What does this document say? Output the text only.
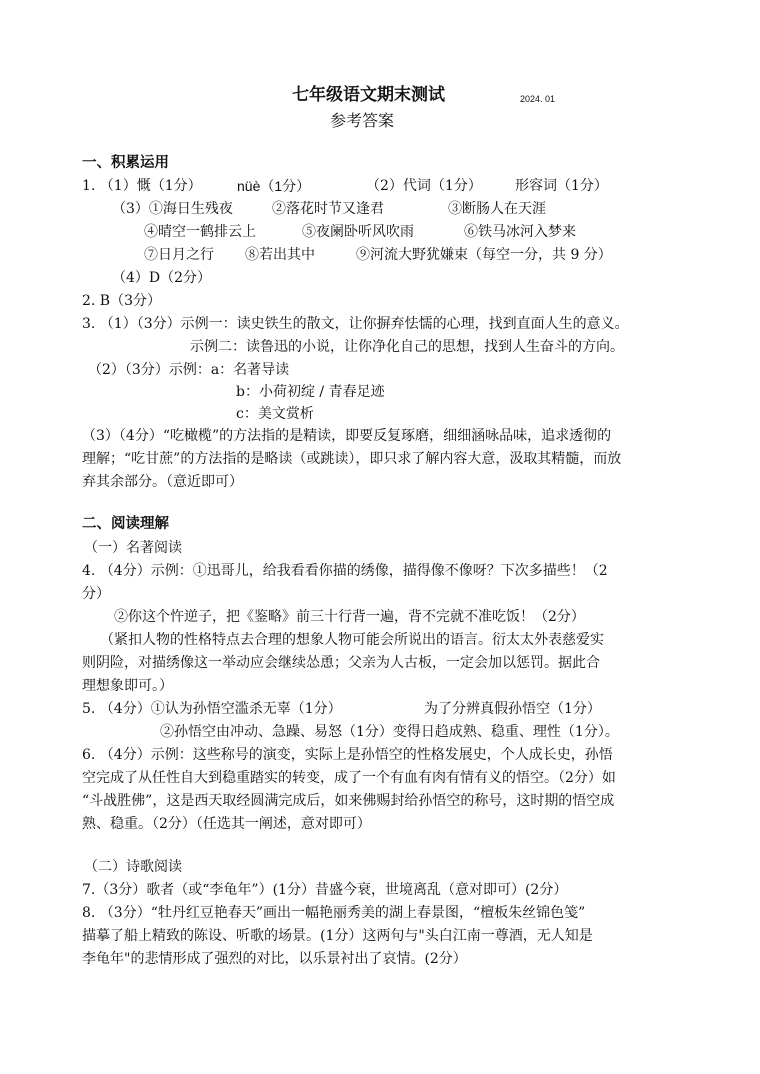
七年级语文期末测试	2024. 01
参考答案
一、积累运用
1. （1）慨（1分）	nüè（1分）	（2）代词（1分） 形容词（1分）
（3）①海日生残夜	②落花时节又逢君	③断肠人在天涯
④晴空一鹤排云上	⑤夜阑卧听风吹雨	⑥铁马冰河入梦来
⑦日月之行 ⑧若出其中	⑨河流大野犹嫌束（每空一分，共 9 分）
（4）D（2分）
2. B（3分）
3. （1）（3分）示例一：读史铁生的散文，让你摒弃怯懦的心理，找到直面人生的意义。
示例二：读鲁迅的小说，让你净化自己的思想，找到人生奋斗的方向。
（2）（3分）示例：a：名著导读
b：小荷初绽 / 青春足迹
c：美文赏析
（3）（4分）“吃橄榄”的方法指的是精读，即要反复琢磨，细细涵咏品味，追求透彻的
理解；“吃甘蔗”的方法指的是略读（或跳读），即只求了解内容大意，汲取其精髓，而放
弃其余部分。（意近即可）
二、阅读理解
（一）名著阅读
4. （4分）示例：①迅哥儿，给我看看你描的绣像，描得像不像呀？下次多描些！（2
分）
②你这个忤逆子，把《鉴略》前三十行背一遍，背不完就不准吃饭！（2分）
（紧扣人物的性格特点去合理的想象人物可能会所说出的语言。衍太太外表慈爱实
则阴险，对描绣像这一举动应会继续怂恿；父亲为人古板，一定会加以惩罚。据此合
理想象即可。）
5. （4分）①认为孙悟空滥杀无辜（1分）	为了分辨真假孙悟空（1分）
②孙悟空由冲动、急躁、易怒（1分）变得日趋成熟、稳重、理性（1分）。
6. （4分）示例：这些称号的演变，实际上是孙悟空的性格发展史，个人成长史，孙悟
空完成了从任性自大到稳重踏实的转变，成了一个有血有肉有情有义的悟空。（2分）如
“斗战胜佛”，这是西天取经圆满完成后，如来佛赐封给孙悟空的称号，这时期的悟空成
熟、稳重。（2分）（任选其一阐述，意对即可）
（二）诗歌阅读
7.（3分）歌者（或“李龟年”）(1分）昔盛今衰，世境离乱（意对即可）(2分）
8. （3分）“牡丹红豆艳春天”画出一幅艳丽秀美的湖上春景图，“檀板朱丝锦色笺”
描摹了船上精致的陈设、听歌的场景。(1分）这两句与"头白江南一尊酒，无人知是
李龟年"的悲情形成了强烈的对比，以乐景衬出了哀情。(2分）
